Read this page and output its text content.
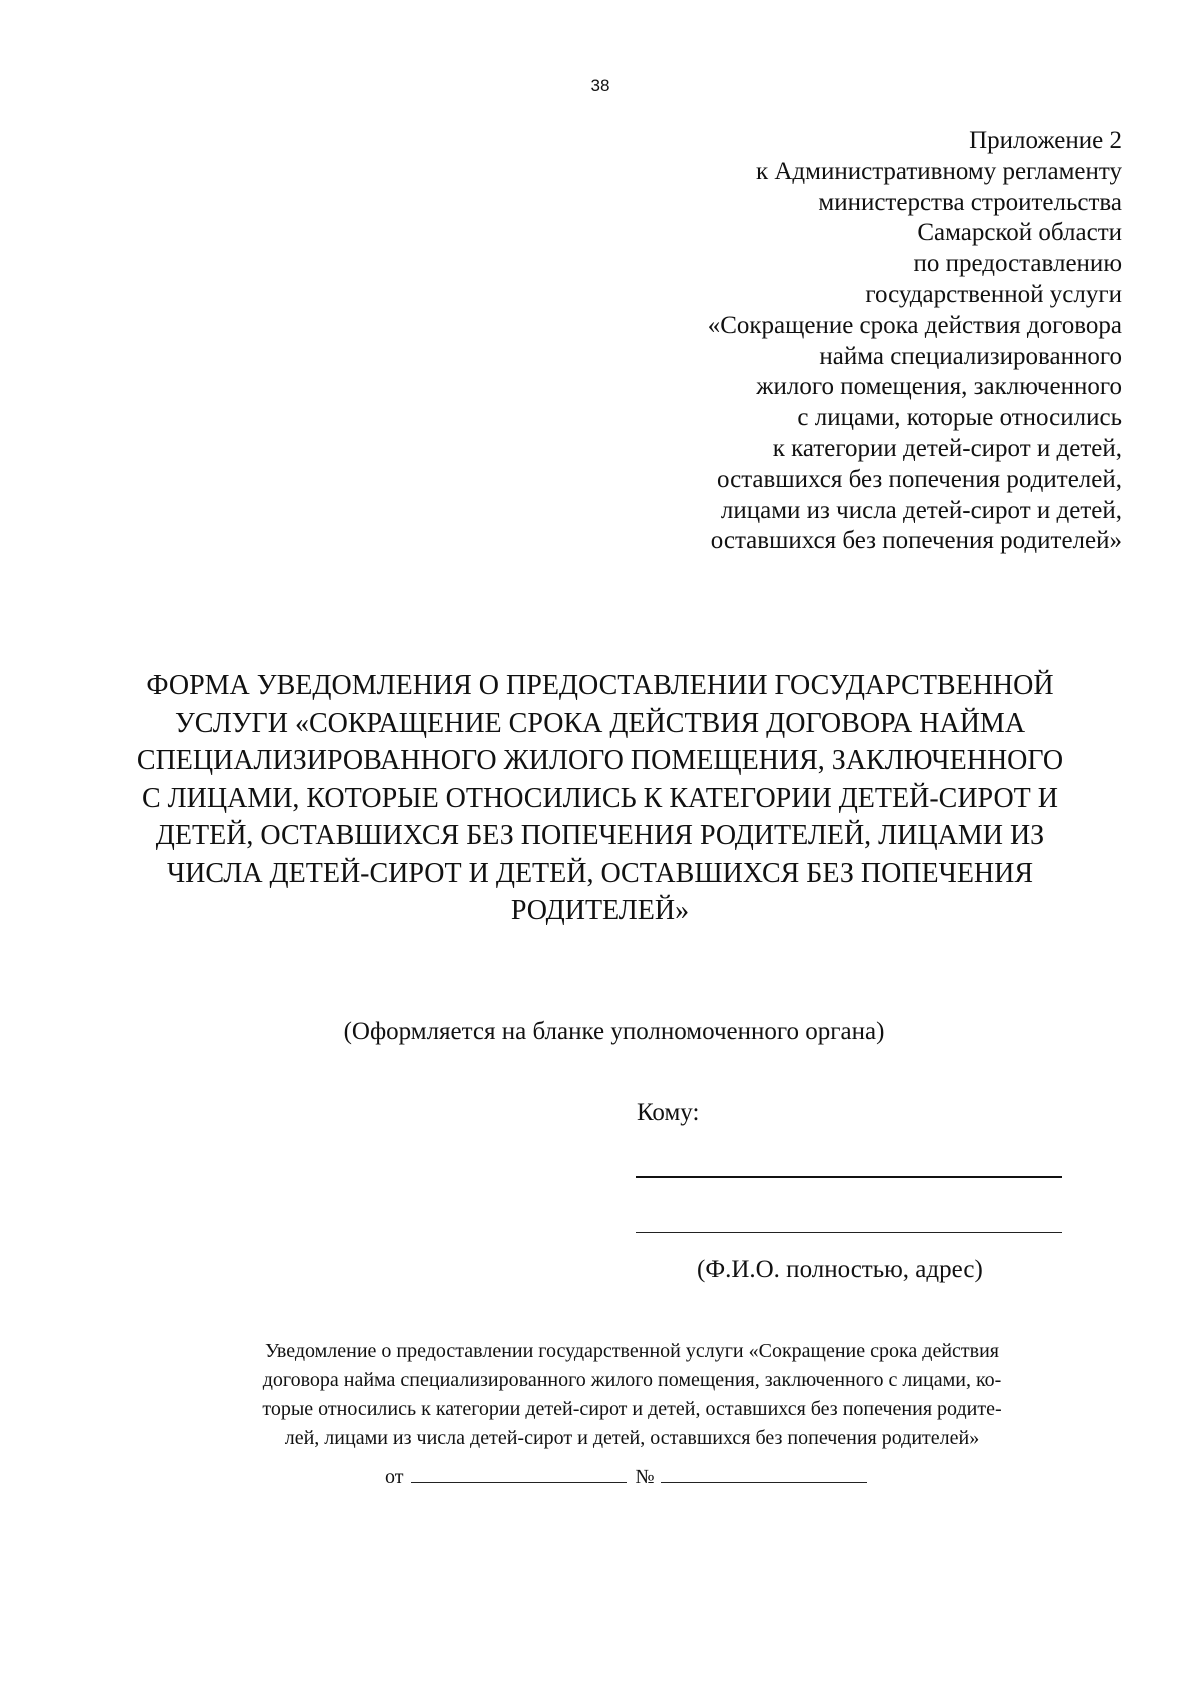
38
Приложение 2
к Административному регламенту
министерства строительства
Самарской области
по предоставлению
государственной услуги
«Сокращение срока действия договора
найма специализированного
жилого помещения, заключенного
с лицами, которые относились
к категории детей-сирот и детей,
оставшихся без попечения родителей,
лицами из числа детей-сирот и детей,
оставшихся без попечения родителей»
ФОРМА УВЕДОМЛЕНИЯ О ПРЕДОСТАВЛЕНИИ ГОСУДАРСТВЕННОЙ
УСЛУГИ «СОКРАЩЕНИЕ СРОКА ДЕЙСТВИЯ ДОГОВОРА НАЙМА
СПЕЦИАЛИЗИРОВАННОГО ЖИЛОГО ПОМЕЩЕНИЯ, ЗАКЛЮЧЕННОГО
С ЛИЦАМИ, КОТОРЫЕ ОТНОСИЛИСЬ К КАТЕГОРИИ ДЕТЕЙ-СИРОТ И
ДЕТЕЙ, ОСТАВШИХСЯ БЕЗ ПОПЕЧЕНИЯ РОДИТЕЛЕЙ, ЛИЦАМИ ИЗ
ЧИСЛА ДЕТЕЙ-СИРОТ И ДЕТЕЙ, ОСТАВШИХСЯ БЕЗ ПОПЕЧЕНИЯ
РОДИТЕЛЕЙ»
(Оформляется на бланке уполномоченного органа)
Кому:
(Ф.И.О. полностью, адрес)
Уведомление о предоставлении государственной услуги «Сокращение срока действия
договора найма специализированного жилого помещения, заключенного с лицами, ко-
торые относились к категории детей-сирот и детей, оставшихся без попечения родите-
лей, лицами из числа детей-сирот и детей, оставшихся без попечения родителей»
от	№
